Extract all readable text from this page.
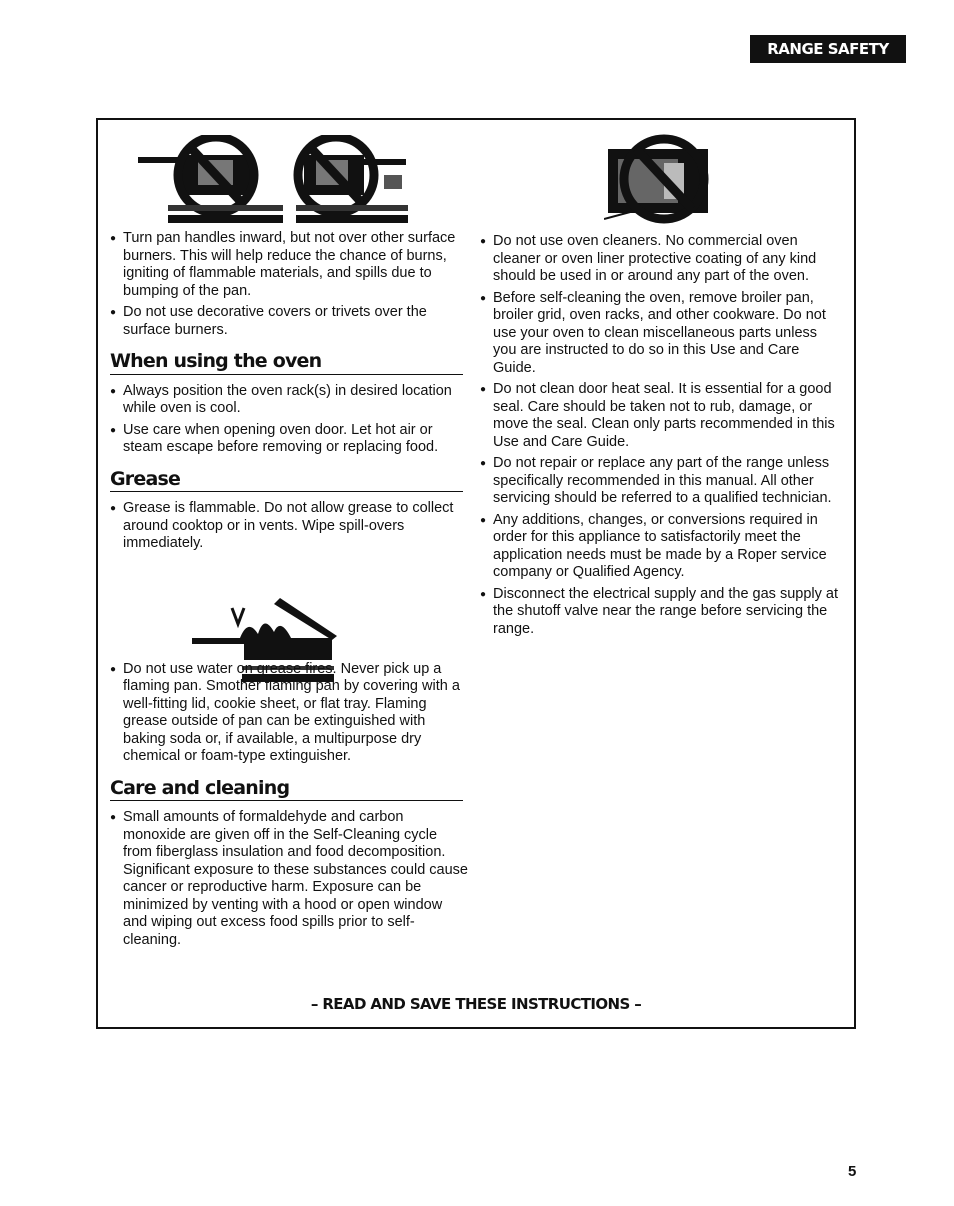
RANGE SAFETY
● Turn pan handles inward, but not over other surface burners. This will help reduce the chance of burns, igniting of flammable materials, and spills due to bumping of the pan.
● Do not use decorative covers or trivets over the surface burners.
When using the oven
● Always position the oven rack(s) in desired location while oven is cool.
● Use care when opening oven door. Let hot air or steam escape before removing or replacing food.
Grease
● Grease is flammable. Do not allow grease to collect around cooktop or in vents. Wipe spill-overs immediately.
● Do not use water on grease fires. Never pick up a flaming pan. Smother flaming pan by covering with a well-fitting lid, cookie sheet, or flat tray. Flaming grease outside of pan can be extinguished with baking soda or, if available, a multipurpose dry chemical or foam-type extinguisher.
Care and cleaning
● Small amounts of formaldehyde and carbon monoxide are given off in the Self-Cleaning cycle from fiberglass insulation and food decomposition. Significant exposure to these substances could cause cancer or reproductive harm. Exposure can be minimized by venting with a hood or open window and wiping out excess food spills prior to self-cleaning.
● Do not use oven cleaners. No commercial oven cleaner or oven liner protective coating of any kind should be used in or around any part of the oven.
● Before self-cleaning the oven, remove broiler pan, broiler grid, oven racks, and other cookware. Do not use your oven to clean miscellaneous parts unless you are instructed to do so in this Use and Care Guide.
● Do not clean door heat seal. It is essential for a good seal. Care should be taken not to rub, damage, or move the seal. Clean only parts recommended in this Use and Care Guide.
● Do not repair or replace any part of the range unless specifically recommended in this manual. All other servicing should be referred to a qualified technician.
● Any additions, changes, or conversions required in order for this appliance to satisfactorily meet the application needs must be made by a Roper service company or Qualified Agency.
● Disconnect the electrical supply and the gas supply at the shutoff valve near the range before servicing the range.
– READ AND SAVE THESE INSTRUCTIONS –
5
